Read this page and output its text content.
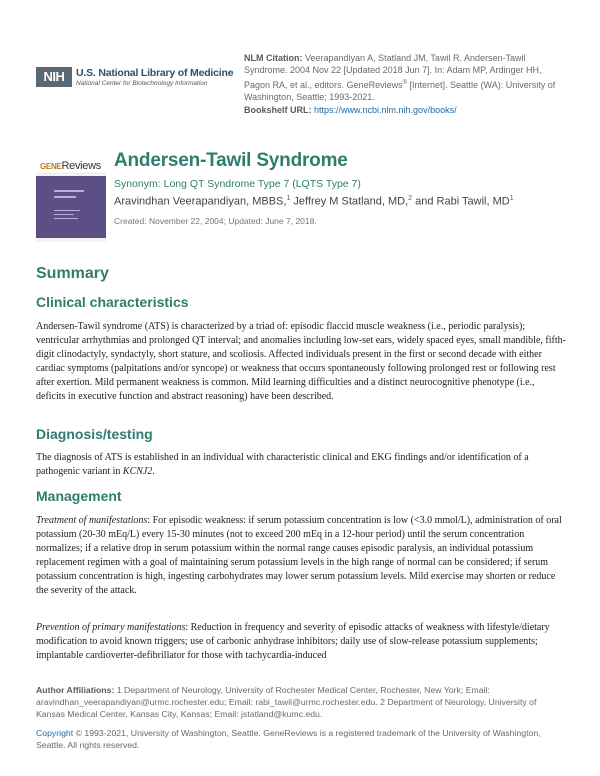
NIH	U.S. National Library of Medicine
National Center for Biotechnology Information
NLM Citation: Veerapandiyan A, Statland JM, Tawil R. Andersen-Tawil Syndrome. 2004 Nov 22 [Updated 2018 Jun 7]. In: Adam MP, Ardinger HH, Pagon RA, et al., editors. GeneReviews® [Internet]. Seattle (WA): University of Washington, Seattle; 1993-2021.
Bookshelf URL: https://www.ncbi.nlm.nih.gov/books/
GENEReviews Andersen-Tawil Syndrome
Synonym: Long QT Syndrome Type 7 (LQTS Type 7)
Aravindhan Veerapandiyan, MBBS,$^1$ Jeffrey M Statland, MD,$^2$ and Rabi Tawil, $MD^1$
Created: November 22, 2004; Updated: June 7, 2018.
Summary
Clinical characteristics
Andersen-Tawil syndrome (ATS) is characterized by a triad of: episodic flaccid muscle weakness (i.e., periodic paralysis); ventricular arrhythmias and prolonged QT interval; and anomalies including low-set ears, widely spaced eyes, small mandible, fifth-digit clinodactyly, syndactyly, short stature, and scoliosis. Affected individuals present in the first or second decade with either cardiac symptoms (palpitations and/or syncope) or weakness that occurs spontaneously following prolonged rest or following rest after exertion. Mild permanent weakness is common. Mild learning difficulties and a distinct neurocognitive phenotype (i.e., deficits in executive function and abstract reasoning) have been described.
Diagnosis/testing
The diagnosis of ATS is established in an individual with characteristic clinical and EKG findings and/or identification of a pathogenic variant in KCNJ2.
Management
Treatment of manifestations: For episodic weakness: if serum potassium concentration is low (<3.0 mmol/L), administration of oral potassium (20-30 mEq/L) every 15-30 minutes (not to exceed 200 mEq in a 12-hour period) until the serum concentration normalizes; if a relative drop in serum potassium within the normal range causes episodic paralysis, an individual potassium replacement regimen with a goal of maintaining serum potassium levels in the high range of normal can be considered; if serum potassium concentration is high, ingesting carbohydrates may lower serum potassium levels. Mild exercise may shorten or reduce the severity of the attack.
Prevention of primary manifestations: Reduction in frequency and severity of episodic attacks of weakness with lifestyle/dietary modification to avoid known triggers; use of carbonic anhydrase inhibitors; daily use of slow-release potassium supplements; implantable cardioverter-defibrillator for those with tachycardia-induced
Author Affiliations: 1 Department of Neurology, University of Rochester Medical Center, Rochester, New York; Email: aravindhan_veerapandiyan@urmc.rochester.edu; Email: rabi_tawil@urmc.rochester.edu. 2 Department of Neurology, University of Kansas Medical Center, Kansas City, Kansas; Email: jstatland@kumc.edu.
Copyright © 1993-2021, University of Washington, Seattle. GeneReviews is a registered trademark of the University of Washington, Seattle. All rights reserved.
